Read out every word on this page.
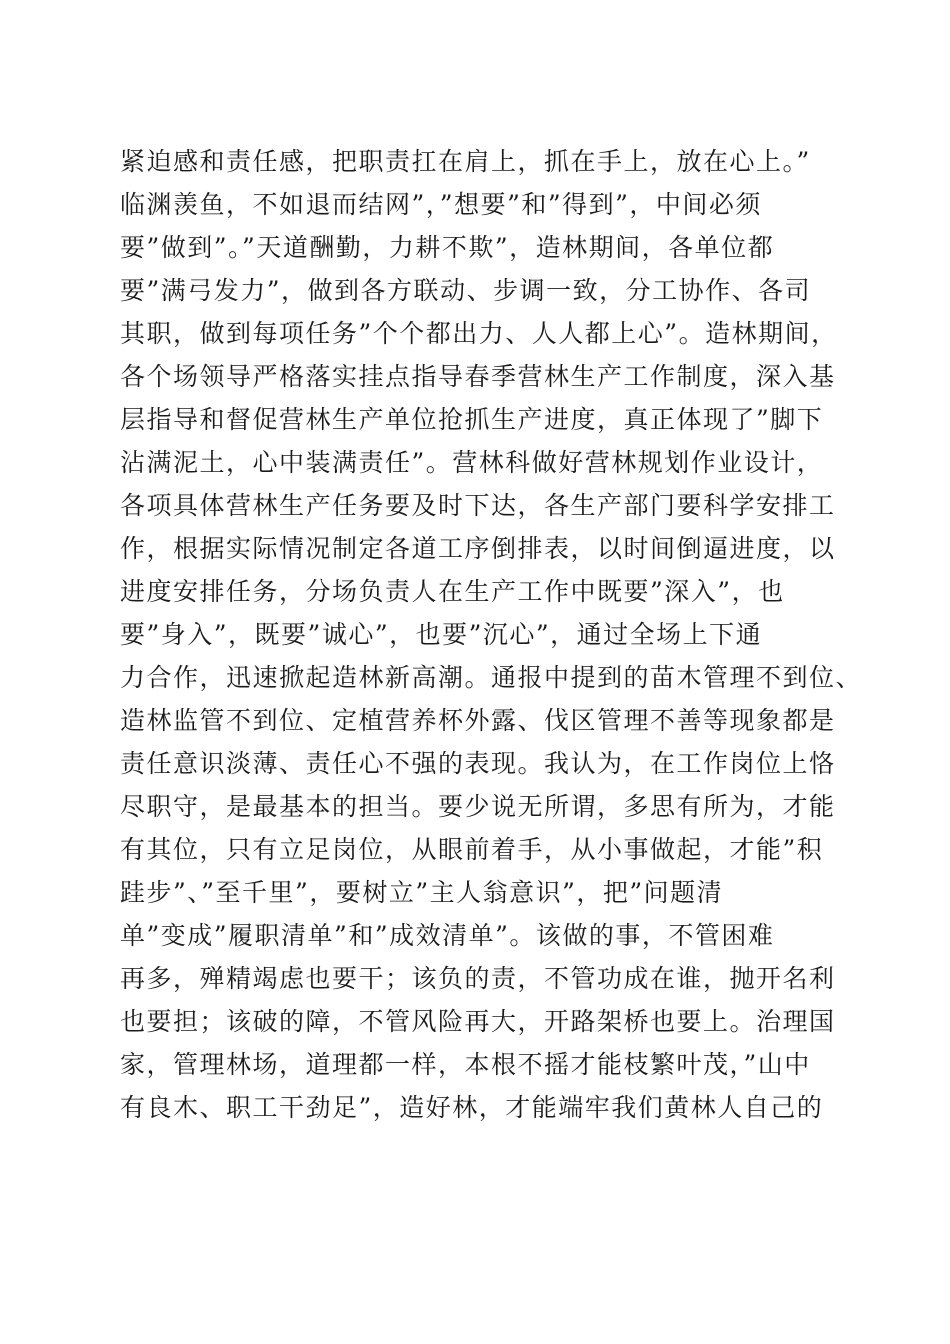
紧迫感和责任感，把职责扛在肩上，抓在手上，放在心上。”
临渊羡鱼，不如退而结网”，”想要”和”得到”，中间必须
要”做到”。”天道酬勤，力耕不欺”，造林期间，各单位都
要”满弓发力”，做到各方联动、步调一致，分工协作、各司
其职，做到每项任务”个个都出力、人人都上心”。造林期间，
各个场领导严格落实挂点指导春季营林生产工作制度，深入基
层指导和督促营林生产单位抢抓生产进度，真正体现了”脚下
沾满泥土，心中装满责任”。营林科做好营林规划作业设计，
各项具体营林生产任务要及时下达，各生产部门要科学安排工
作，根据实际情况制定各道工序倒排表，以时间倒逼进度，以
进度安排任务，分场负责人在生产工作中既要”深入”，也
要”身入”，既要”诚心”，也要”沉心”，通过全场上下通
力合作，迅速掀起造林新高潮。通报中提到的苗木管理不到位、
造林监管不到位、定植营养杯外露、伐区管理不善等现象都是
责任意识淡薄、责任心不强的表现。我认为，在工作岗位上恪
尽职守，是最基本的担当。要少说无所谓，多思有所为，才能
有其位，只有立足岗位，从眼前着手，从小事做起，才能”积
跬步”、”至千里”，要树立”主人翁意识”，把”问题清
单”变成”履职清单”和”成效清单”。该做的事，不管困难
再多，殚精竭虑也要干；该负的责，不管功成在谁，抛开名利
也要担；该破的障，不管风险再大，开路架桥也要上。治理国
家，管理林场，道理都一样，本根不摇才能枝繁叶茂，”山中
有良木、职工干劲足”，造好林，才能端牢我们黄林人自己的
